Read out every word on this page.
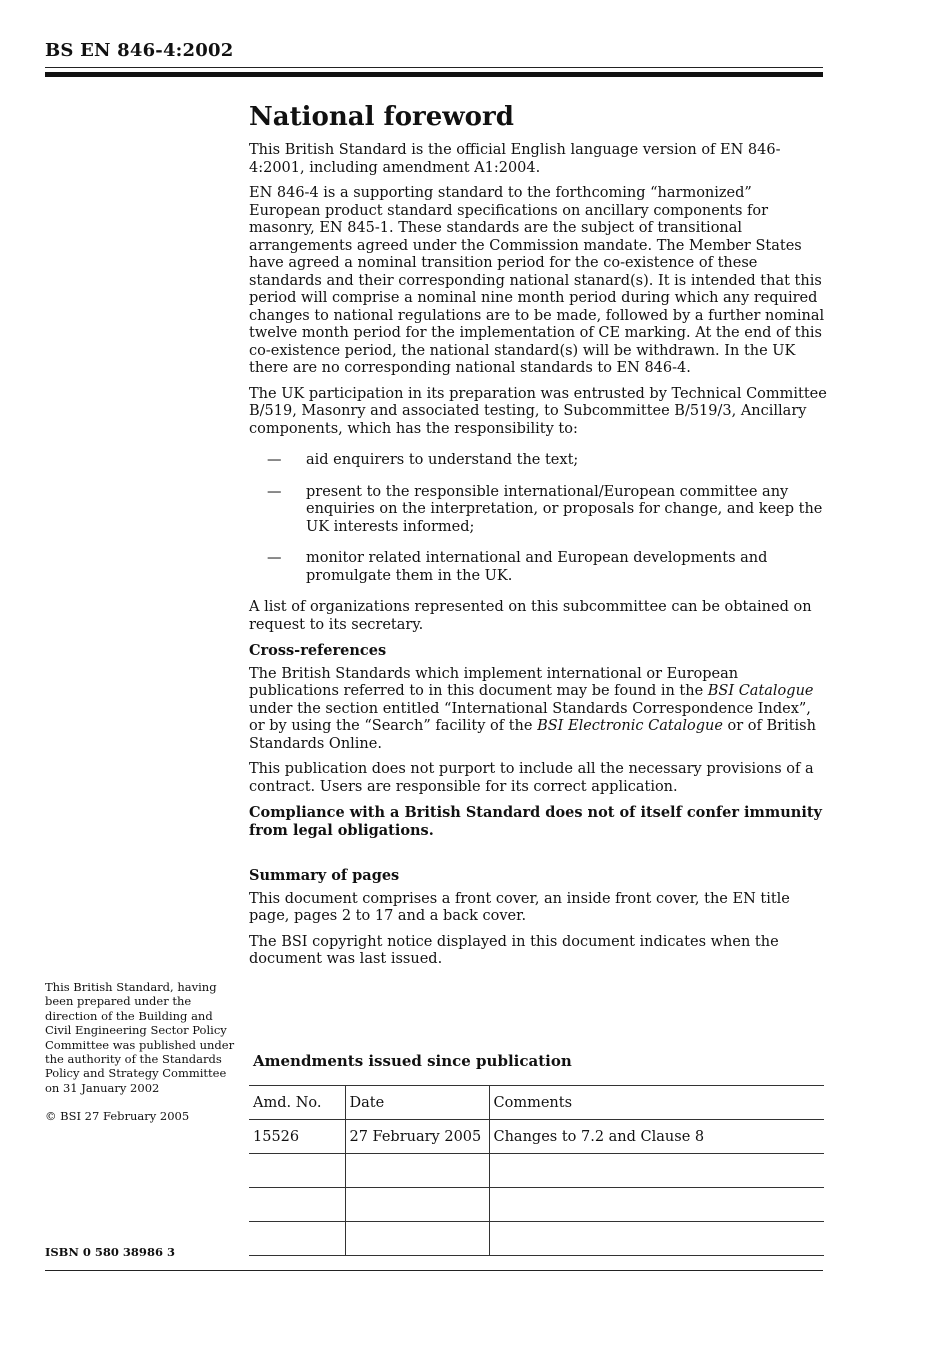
BS EN 846-4:2002
National foreword

This British Standard is the official English language version of EN 846-4:2001, including amendment A1:2004.

EN 846-4 is a supporting standard to the forthcoming “harmonized” European product standard specifications on ancillary components for masonry, EN 845-1. These standards are the subject of transitional arrangements agreed under the Commission mandate. The Member States have agreed a nominal transition period for the co-existence of these standards and their corresponding national stanard(s). It is intended that this period will comprise a nominal nine month period during which any required changes to national regulations are to be made, followed by a further nominal twelve month period for the implementation of CE marking. At the end of this co-existence period, the national standard(s) will be withdrawn. In the UK there are no corresponding national standards to EN 846-4.

The UK participation in its preparation was entrusted by Technical Committee B/519, Masonry and associated testing, to Subcommittee B/519/3, Ancillary components, which has the responsibility to:

—	aid enquirers to understand the text;
—	present to the responsible international/European committee any enquiries on the interpretation, or proposals for change, and keep the UK interests informed;
—	monitor related international and European developments and promulgate them in the UK.

A list of organizations represented on this subcommittee can be obtained on request to its secretary.

Cross-references

The British Standards which implement international or European publications referred to in this document may be found in the BSI Catalogue under the section entitled “International Standards Correspondence Index”, or by using the “Search” facility of the BSI Electronic Catalogue or of British Standards Online.

This publication does not purport to include all the necessary provisions of a contract. Users are responsible for its correct application.

Compliance with a British Standard does not of itself confer immunity from legal obligations.

Summary of pages

This document comprises a front cover, an inside front cover, the EN title page, pages 2 to 17 and a back cover.

The BSI copyright notice displayed in this document indicates when the document was last issued.

This British Standard, having been prepared under the direction of the Building and Civil Engineering Sector Policy Committee was published under the authority of the Standards Policy and Strategy Committee on 31 January 2002

© BSI 27 February 2005

ISBN 0 580 38986 3
Amendments issued since publication
Amd. No.	Date	Comments
15526	27 February 2005	Changes to 7.2 and Clause 8
